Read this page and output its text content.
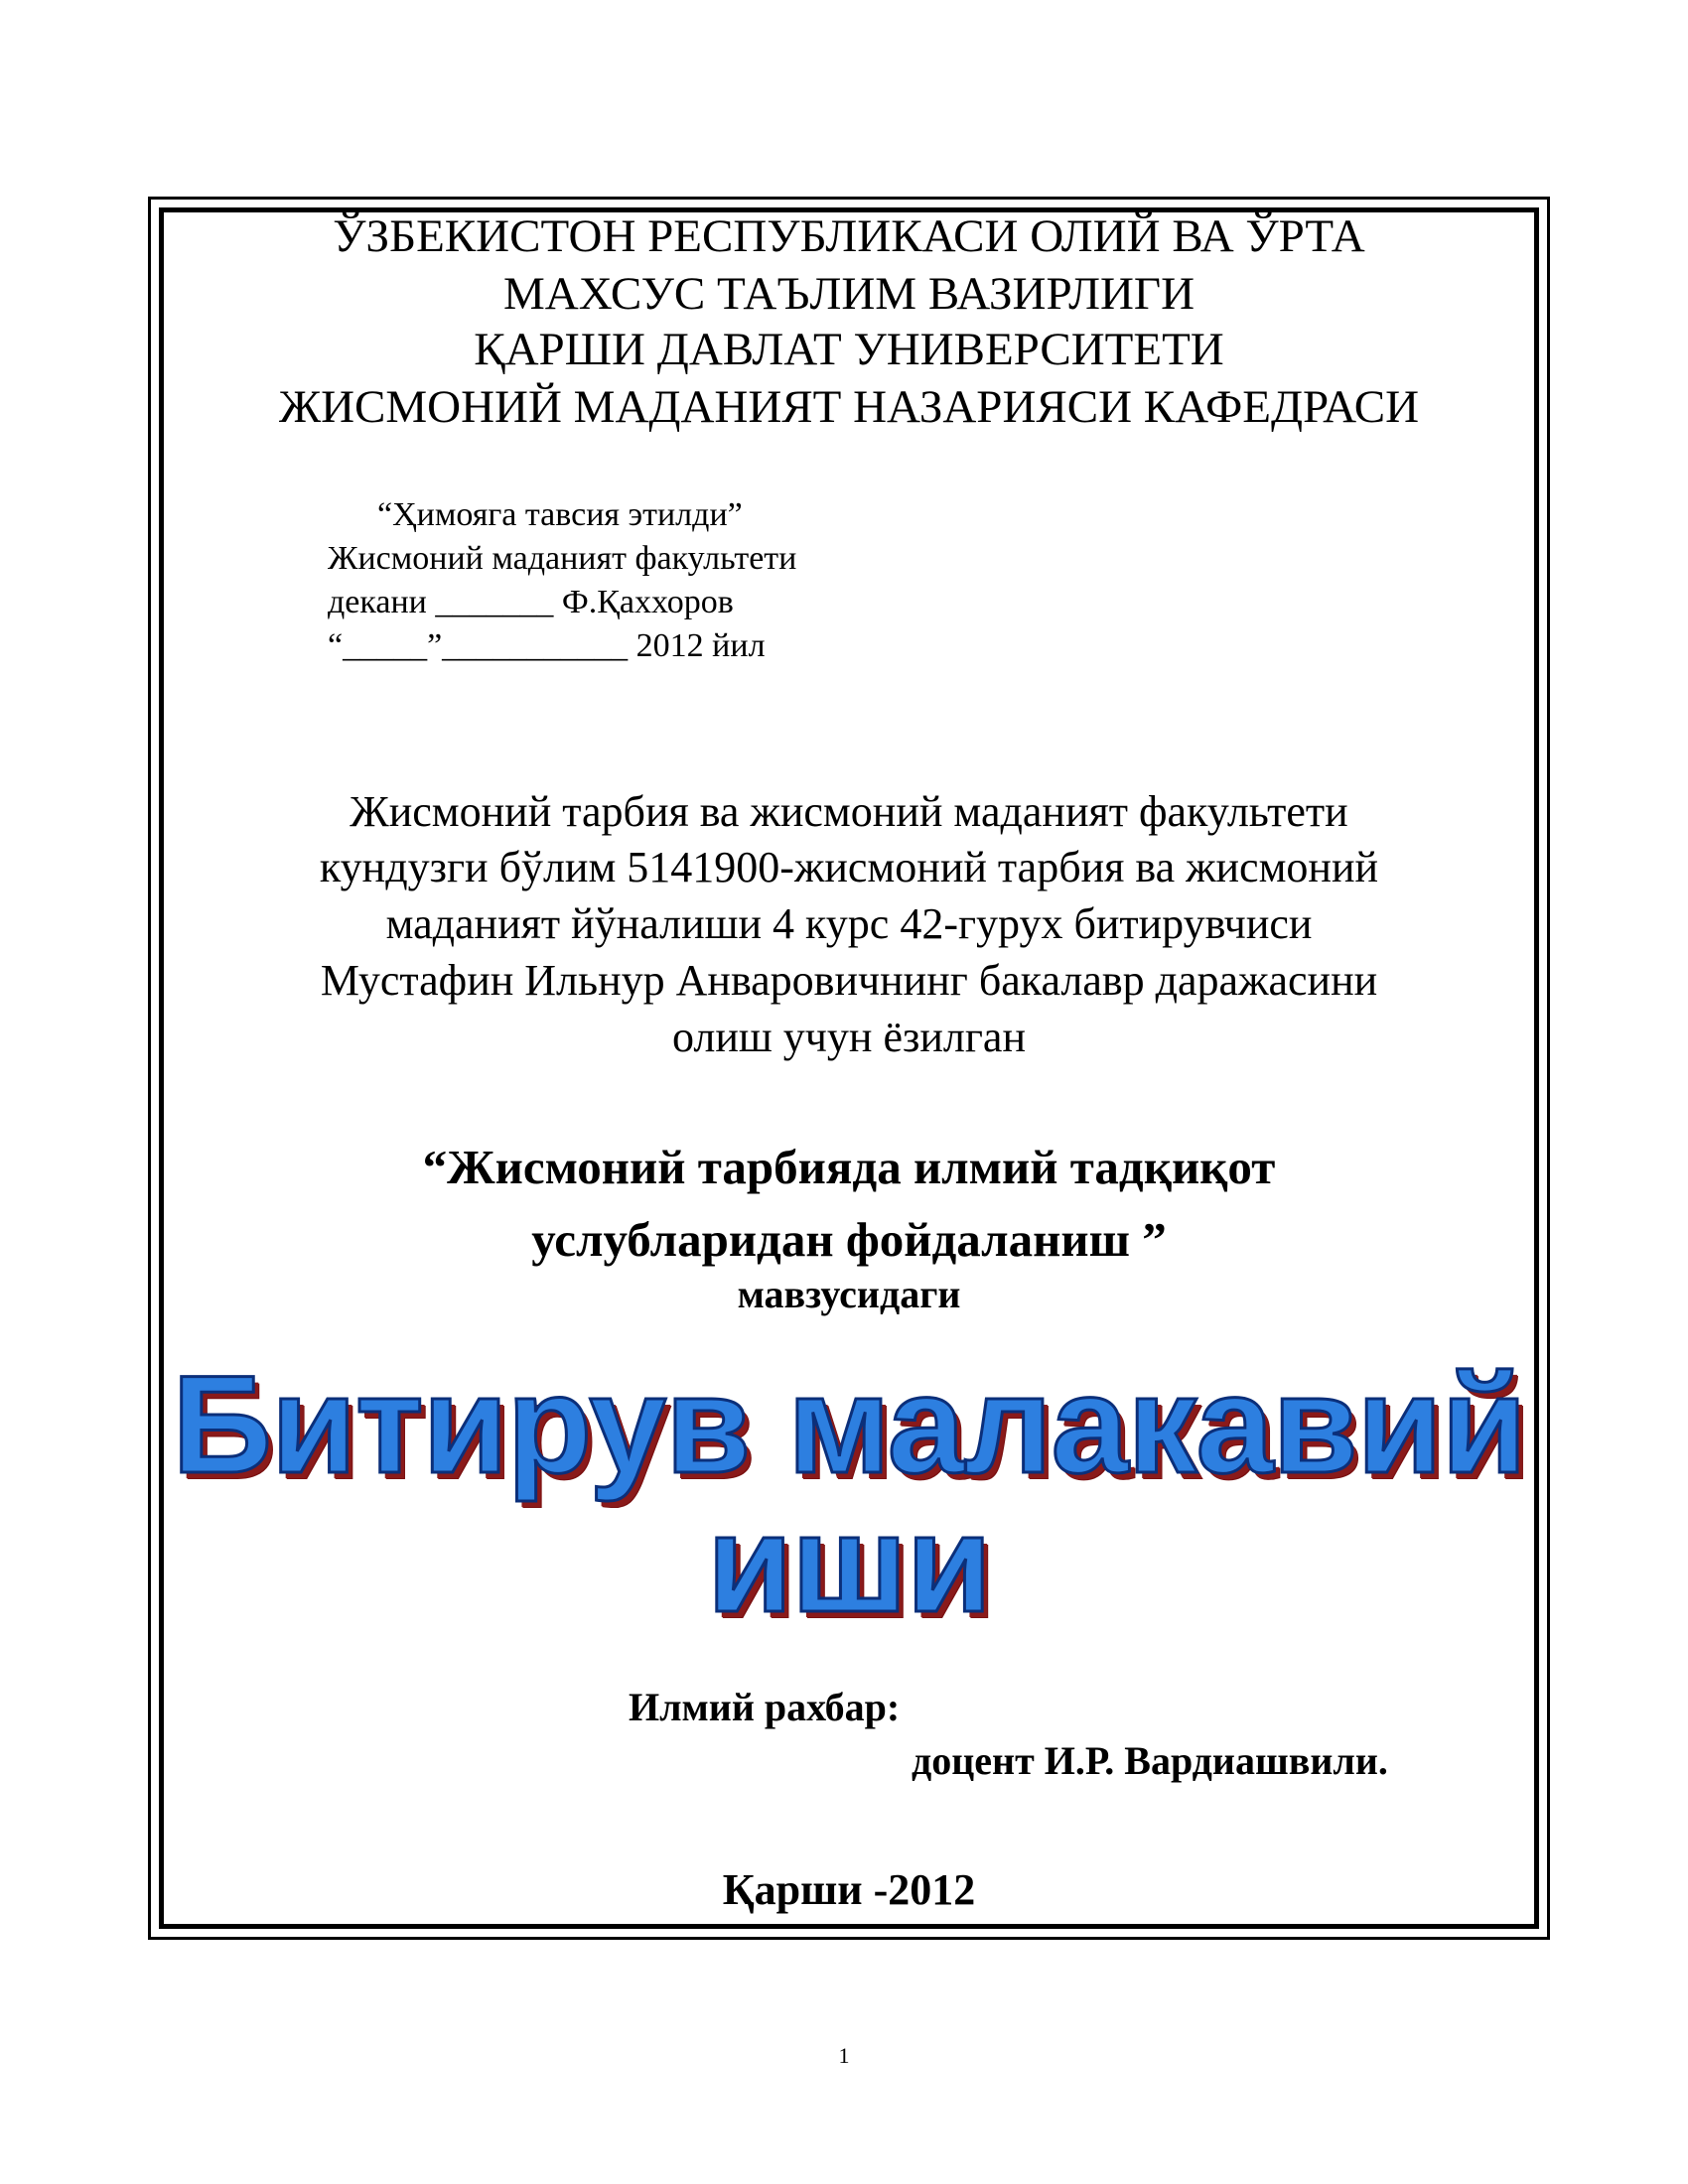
ЎЗБЕКИСТОН РЕСПУБЛИКАСИ ОЛИЙ ВА ЎРТА
МАХСУС ТАЪЛИМ ВАЗИРЛИГИ
ҚАРШИ ДАВЛАТ УНИВЕРСИТЕТИ
ЖИСМОНИЙ МАДАНИЯТ НАЗАРИЯСИ КАФЕДРАСИ
“Ҳимояга тавсия этилди”
Жисмоний маданият факультети
декани _______ Ф.Қаххоров
“_____”___________ 2012 йил
Жисмоний тарбия ва жисмоний маданият факультети
кундузги бўлим 5141900-жисмоний тарбия ва жисмоний
маданият йўналиши 4 курс 42-гурух битирувчиси
Мустафин Ильнур Анваровичнинг бакалавр даражасини
олиш учун ёзилган
“Жисмоний тарбияда илмий тадқиқот
услубларидан фойдаланиш ”
мавзусидаги
Битирув малакавий
иши
Илмий рахбар:
доцент И.Р. Вардиашвили.
Қарши -2012
1
